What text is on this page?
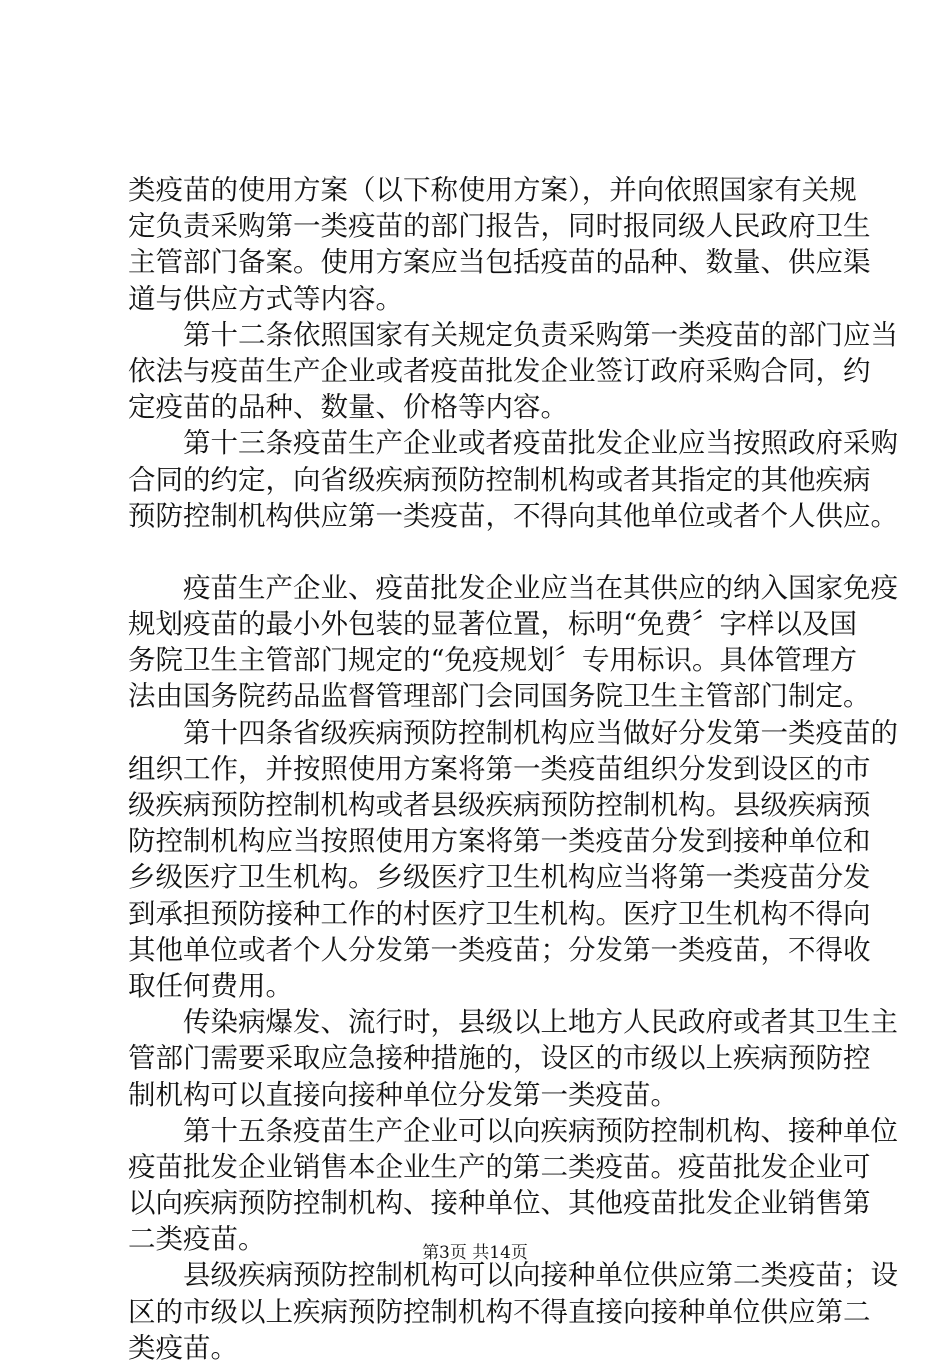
类疫苗的使用方案（以下称使用方案），并向依照国家有关规
定负责采购第一类疫苗的部门报告，同时报同级人民政府卫生
主管部门备案。使用方案应当包括疫苗的品种、数量、供应渠
道与供应方式等内容。
第十二条依照国家有关规定负责采购第一类疫苗的部门应当
依法与疫苗生产企业或者疫苗批发企业签订政府采购合同，约
定疫苗的品种、数量、价格等内容。
第十三条疫苗生产企业或者疫苗批发企业应当按照政府采购
合同的约定，向省级疾病预防控制机构或者其指定的其他疾病
预防控制机构供应第一类疫苗，不得向其他单位或者个人供应。
疫苗生产企业、疫苗批发企业应当在其供应的纳入国家免疫
规划疫苗的最小外包装的显著位置，标明“免费〞字样以及国
务院卫生主管部门规定的“免疫规划〞专用标识。具体管理方
法由国务院药品监督管理部门会同国务院卫生主管部门制定。
第十四条省级疾病预防控制机构应当做好分发第一类疫苗的
组织工作，并按照使用方案将第一类疫苗组织分发到设区的市
级疾病预防控制机构或者县级疾病预防控制机构。县级疾病预
防控制机构应当按照使用方案将第一类疫苗分发到接种单位和
乡级医疗卫生机构。乡级医疗卫生机构应当将第一类疫苗分发
到承担预防接种工作的村医疗卫生机构。医疗卫生机构不得向
其他单位或者个人分发第一类疫苗；分发第一类疫苗，不得收
取任何费用。
传染病爆发、流行时，县级以上地方人民政府或者其卫生主
管部门需要采取应急接种措施的，设区的市级以上疾病预防控
制机构可以直接向接种单位分发第一类疫苗。
第十五条疫苗生产企业可以向疾病预防控制机构、接种单位
疫苗批发企业销售本企业生产的第二类疫苗。疫苗批发企业可
以向疾病预防控制机构、接种单位、其他疫苗批发企业销售第
二类疫苗。
县级疾病预防控制机构可以向接种单位供应第二类疫苗；设
区的市级以上疾病预防控制机构不得直接向接种单位供应第二
类疫苗。
第3页 共14页
